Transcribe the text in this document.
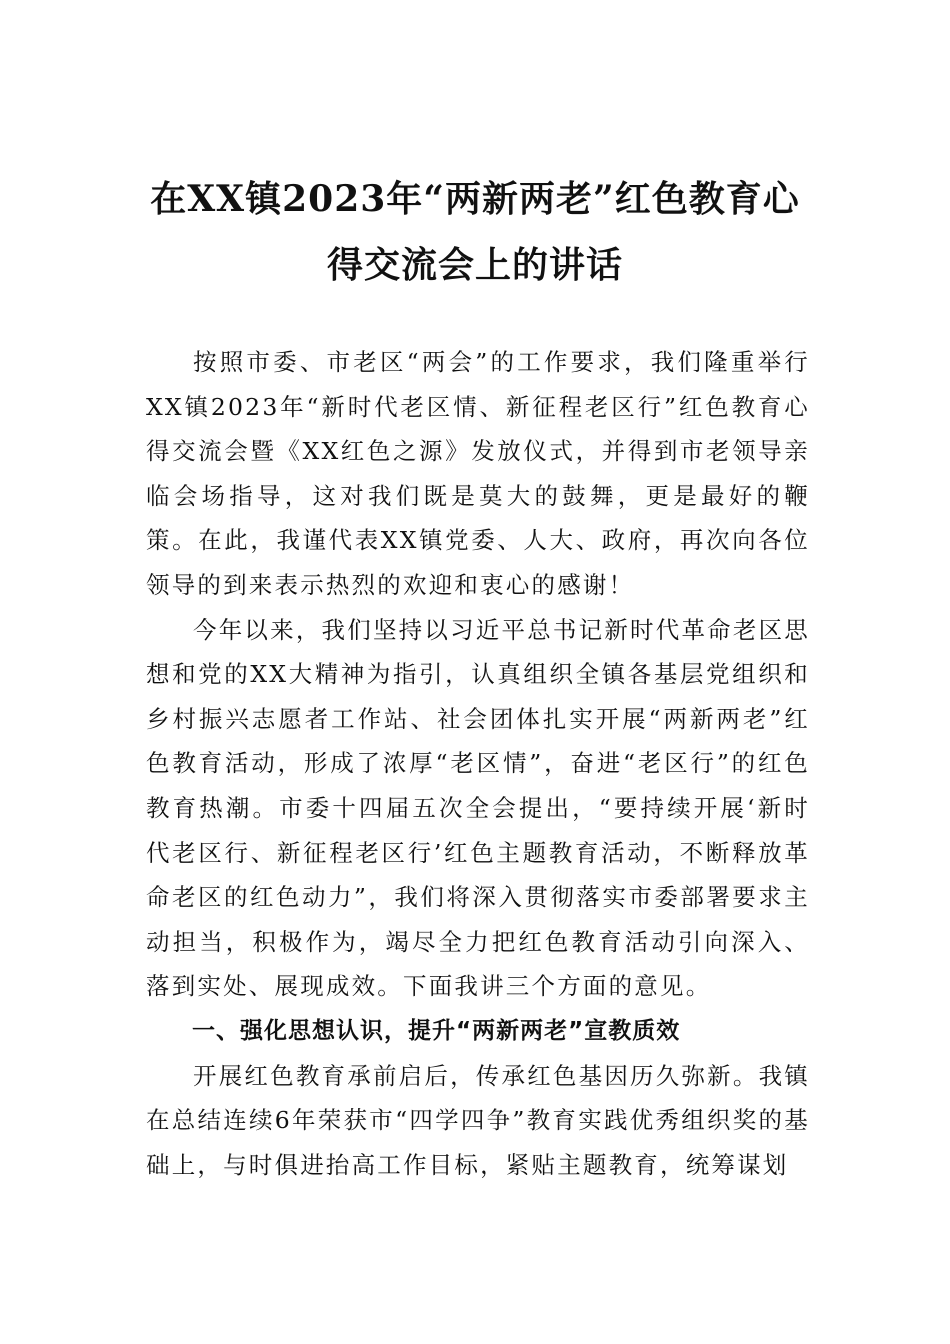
在XX镇2023年“两新两老”红色教育心
得交流会上的讲话

按照市委、市老区“两会”的工作要求，我们隆重举行XX镇2023年“新时代老区情、新征程老区行”红色教育心得交流会暨《XX红色之源》发放仪式，并得到市老领导亲临会场指导，这对我们既是莫大的鼓舞，更是最好的鞭策。在此，我谨代表XX镇党委、人大、政府，再次向各位领导的到来表示热烈的欢迎和衷心的感谢！

今年以来，我们坚持以习近平总书记新时代革命老区思想和党的XX大精神为指引，认真组织全镇各基层党组织和乡村振兴志愿者工作站、社会团体扎实开展“两新两老”红色教育活动，形成了浓厚“老区情”，奋进“老区行”的红色教育热潮。市委十四届五次全会提出，“要持续开展‘新时代老区行、新征程老区行’红色主题教育活动，不断释放革命老区的红色动力”，我们将深入贯彻落实市委部署要求主动担当，积极作为，竭尽全力把红色教育活动引向深入、落到实处、展现成效。下面我讲三个方面的意见。

一、强化思想认识，提升“两新两老”宣教质效

开展红色教育承前启后，传承红色基因历久弥新。我镇在总结连续6年荣获市“四学四争”教育实践优秀组织奖的基础上，与时俱进抬高工作目标，紧贴主题教育，统筹谋划
